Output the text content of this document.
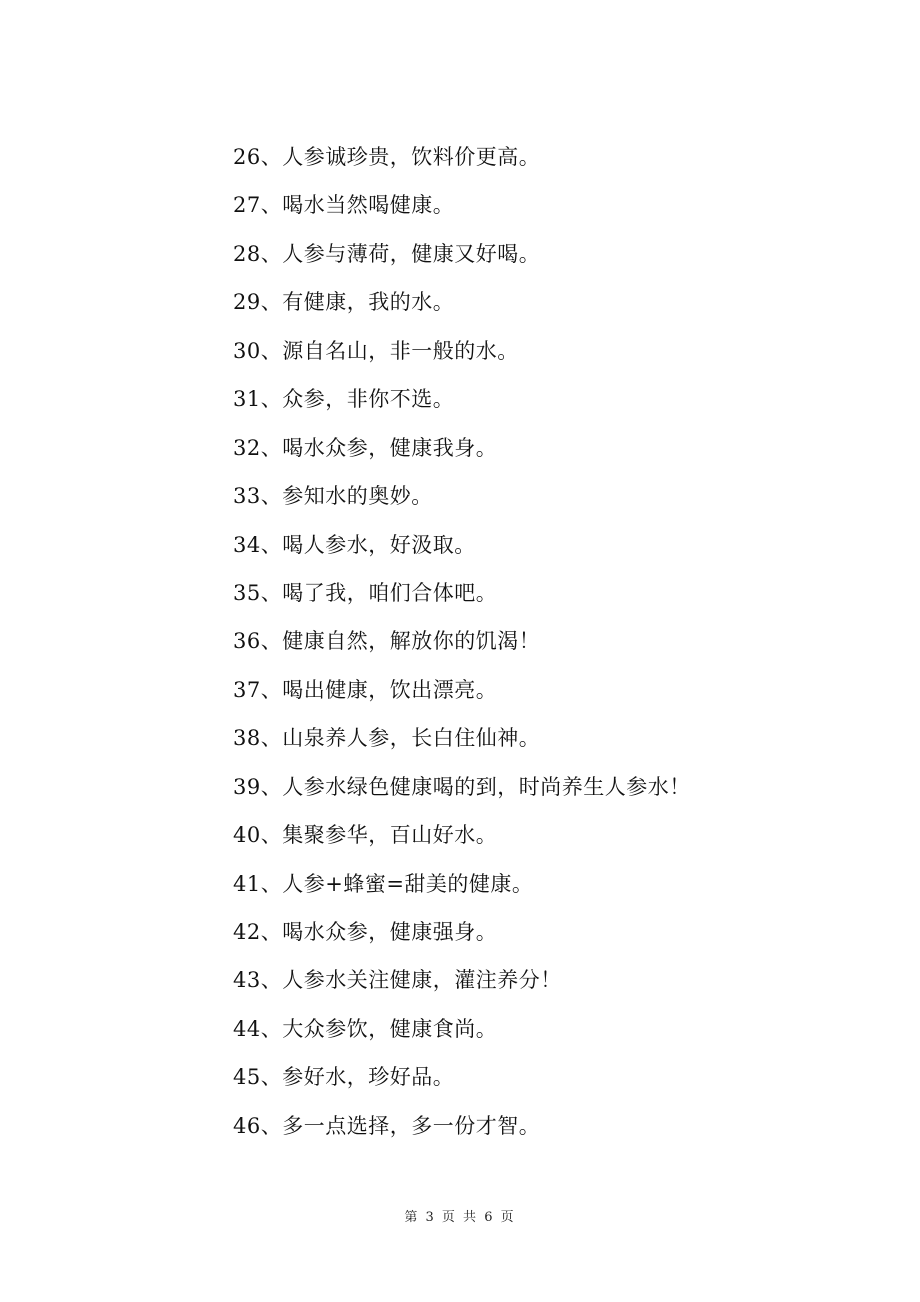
26、人参诚珍贵，饮料价更高。
27、喝水当然喝健康。
28、人参与薄荷，健康又好喝。
29、有健康，我的水。
30、源自名山，非一般的水。
31、众参，非你不选。
32、喝水众参，健康我身。
33、参知水的奥妙。
34、喝人参水，好汲取。
35、喝了我，咱们合体吧。
36、健康自然，解放你的饥渴！
37、喝出健康，饮出漂亮。
38、山泉养人参，长白住仙神。
39、人参水绿色健康喝的到，时尚养生人参水！
40、集聚参华，百山好水。
41、人参+蜂蜜=甜美的健康。
42、喝水众参，健康强身。
43、人参水关注健康，灌注养分！
44、大众参饮，健康食尚。
45、参好水，珍好品。
46、多一点选择，多一份才智。
第 3 页 共 6 页
